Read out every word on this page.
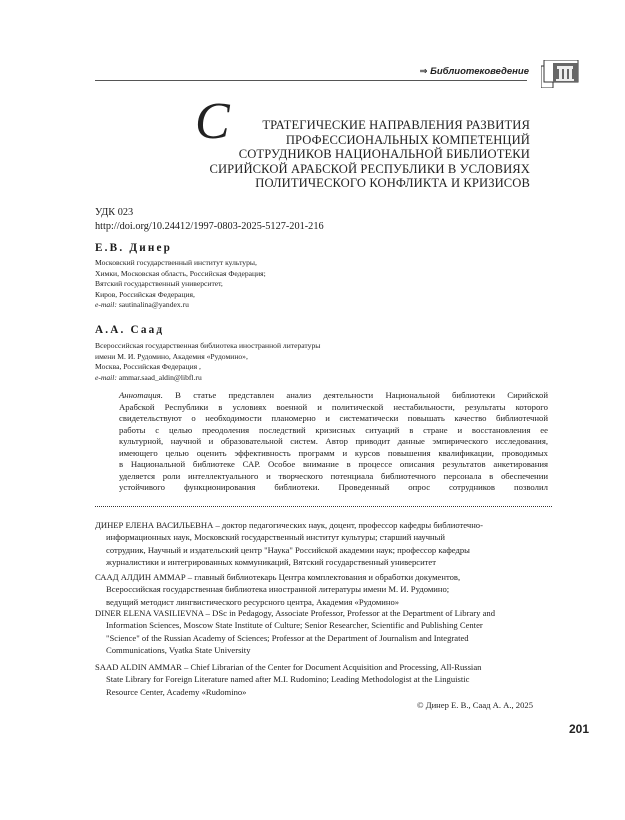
⇒ Библиотековедение
С	ТРАТЕГИЧЕСКИЕ НАПРАВЛЕНИЯ РАЗВИТИЯ
ПРОФЕССИОНАЛЬНЫХ КОМПЕТЕНЦИЙ
СОТРУДНИКОВ НАЦИОНАЛЬНОЙ БИБЛИОТЕКИ
СИРИЙСКОЙ АРАБСКОЙ РЕСПУБЛИКИ В УСЛОВИЯХ
ПОЛИТИЧЕСКОГО КОНФЛИКТА И КРИЗИСОВ
УДК 023
http://doi.org/10.24412/1997-0803-2025-5127-201-216
Е.В. Динер
Московский государственный институт культуры,
Химки, Московская область, Российская Федерация;
Вятский государственный университет,
Киров, Российская Федерация,
e-mail: sautinalina@yandex.ru
А.А. Саад
Всероссийская государственная библиотека иностранной литературы
имени М. И. Рудомино, Академия «Рудомино»,
Москва, Российская Федерация ,
e-mail: ammar.saad_aldin@libfl.ru
Аннотация. В статье представлен анализ деятельности Национальной библиотеки Сирийской
Арабской Республики в условиях военной и политической нестабильности, результаты которого
свидетельствуют о необходимости планомерно и систематически повышать качество библиотечной
работы с целью преодоления последствий кризисных ситуаций в стране и восстановления ее
культурной, научной и образовательной систем. Автор приводит данные эмпирического исследования,
имеющего целью оценить эффективность программ и курсов повышения квалификации, проводимых
в Национальной библиотеке САР. Особое внимание в процессе описания результатов анкетирования
уделяется роли интеллектуального и творческого потенциала библиотечного персонала в обеспечении
устойчивого функционирования библиотеки. Проведенный опрос сотрудников позволил
ДИНЕР ЕЛЕНА ВАСИЛЬЕВНА – доктор педагогических наук, доцент, профессор кафедры библиотечно-
информационных наук, Московский государственный институт культуры; старший научный
сотрудник, Научный и издательский центр "Наука" Российской академии наук; профессор кафедры
журналистики и интегрированных коммуникаций, Вятский государственный университет
СААД АЛДИН АММАР – главный библиотекарь Центра комплектования и обработки документов,
Всероссийская государственная библиотека иностранной литературы имени М. И. Рудомино;
ведущий методист лингвистического ресурсного центра, Академия «Рудомино»
DINER ELENA VASILIEVNA – DSc in Pedagogy, Associate Professor, Professor at the Department of Library and
Information Sciences, Moscow State Institute of Culture; Senior Researcher, Scientific and Publishing Center
"Science" of the Russian Academy of Sciences; Professor at the Department of Journalism and Integrated
Communications, Vyatka State University
SAAD ALDIN AMMAR – Chief Librarian of the Center for Document Acquisition and Processing, All-Russian
State Library for Foreign Literature named after M.I. Rudomino; Leading Methodologist at the Linguistic
Resource Center, Academy «Rudomino»
© Динер Е. В., Саад А. А., 2025
201
